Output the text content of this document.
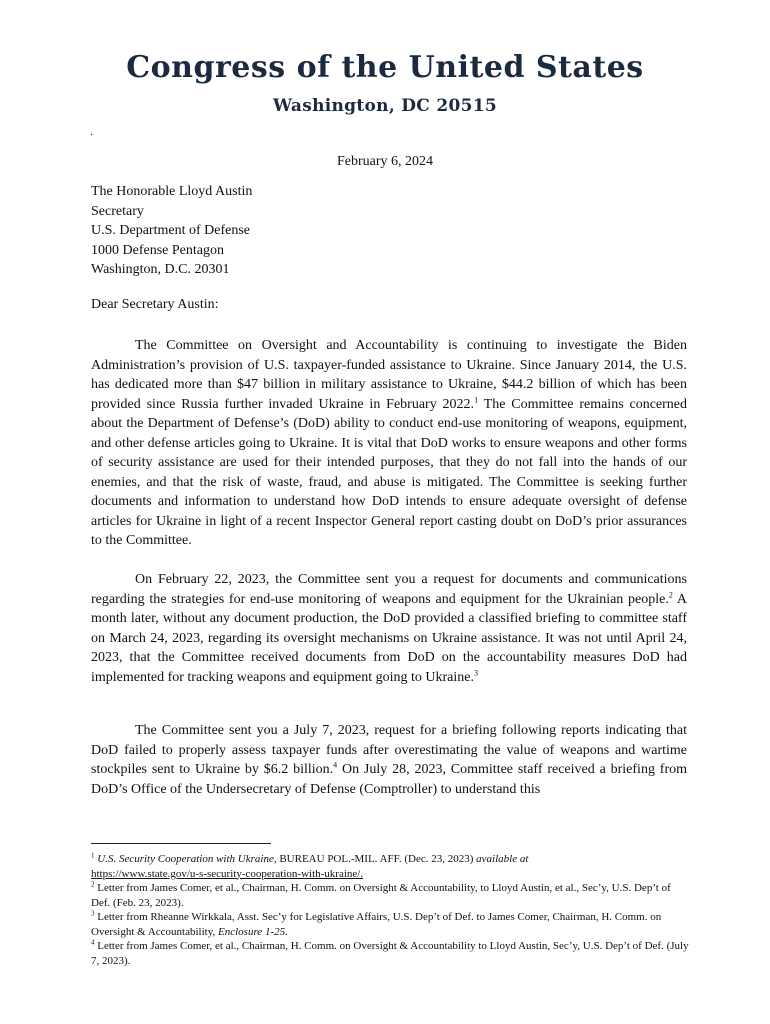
Congress of the United States
Washington, DC 20515
.
February 6, 2024
The Honorable Lloyd Austin
Secretary
U.S. Department of Defense
1000 Defense Pentagon
Washington, D.C. 20301
Dear Secretary Austin:

The Committee on Oversight and Accountability is continuing to investigate the Biden Administration’s provision of U.S. taxpayer-funded assistance to Ukraine. Since January 2014, the U.S. has dedicated more than $47 billion in military assistance to Ukraine, $44.2 billion of which has been provided since Russia further invaded Ukraine in February 2022.$^1$ The Committee remains concerned about the Department of Defense’s (DoD) ability to conduct end-use monitoring of weapons, equipment, and other defense articles going to Ukraine. It is vital that DoD works to ensure weapons and other forms of security assistance are used for their intended purposes, that they do not fall into the hands of our enemies, and that the risk of waste, fraud, and abuse is mitigated. The Committee is seeking further documents and information to understand how DoD intends to ensure adequate oversight of defense articles for Ukraine in light of a recent Inspector General report casting doubt on DoD’s prior assurances to the Committee.

On February 22, 2023, the Committee sent you a request for documents and communications regarding the strategies for end-use monitoring of weapons and equipment for the Ukrainian people.$^2$ A month later, without any document production, the DoD provided a classified briefing to committee staff on March 24, 2023, regarding its oversight mechanisms on Ukraine assistance. It was not until April 24, 2023, that the Committee received documents from DoD on the accountability measures DoD had implemented for tracking weapons and equipment going to Ukraine.$^3$

The Committee sent you a July 7, 2023, request for a briefing following reports indicating that DoD failed to properly assess taxpayer funds after overestimating the value of weapons and wartime stockpiles sent to Ukraine by $6.2 billion.$^4$ On July 28, 2023, Committee staff received a briefing from DoD’s Office of the Undersecretary of Defense (Comptroller) to understand this

$^1$ U.S. Security Cooperation with Ukraine, BUREAU POL.-MIL. AFF. (Dec. 23, 2023) available at
https://www.state.gov/u-s-security-cooperation-with-ukraine/.

$^2$ Letter from James Comer, et al., Chairman, H. Comm. on Oversight & Accountability, to Lloyd Austin, et al., Sec’y, U.S. Dep’t of Def. (Feb. 23, 2023).

$^3$ Letter from Rheanne Wirkkala, Asst. Sec’y for Legislative Affairs, U.S. Dep’t of Def. to James Comer, Chairman, H. Comm. on Oversight & Accountability, Enclosure 1-25.

$^4$ Letter from James Comer, et al., Chairman, H. Comm. on Oversight & Accountability to Lloyd Austin, Sec’y, U.S. Dep’t of Def. (July 7, 2023).
